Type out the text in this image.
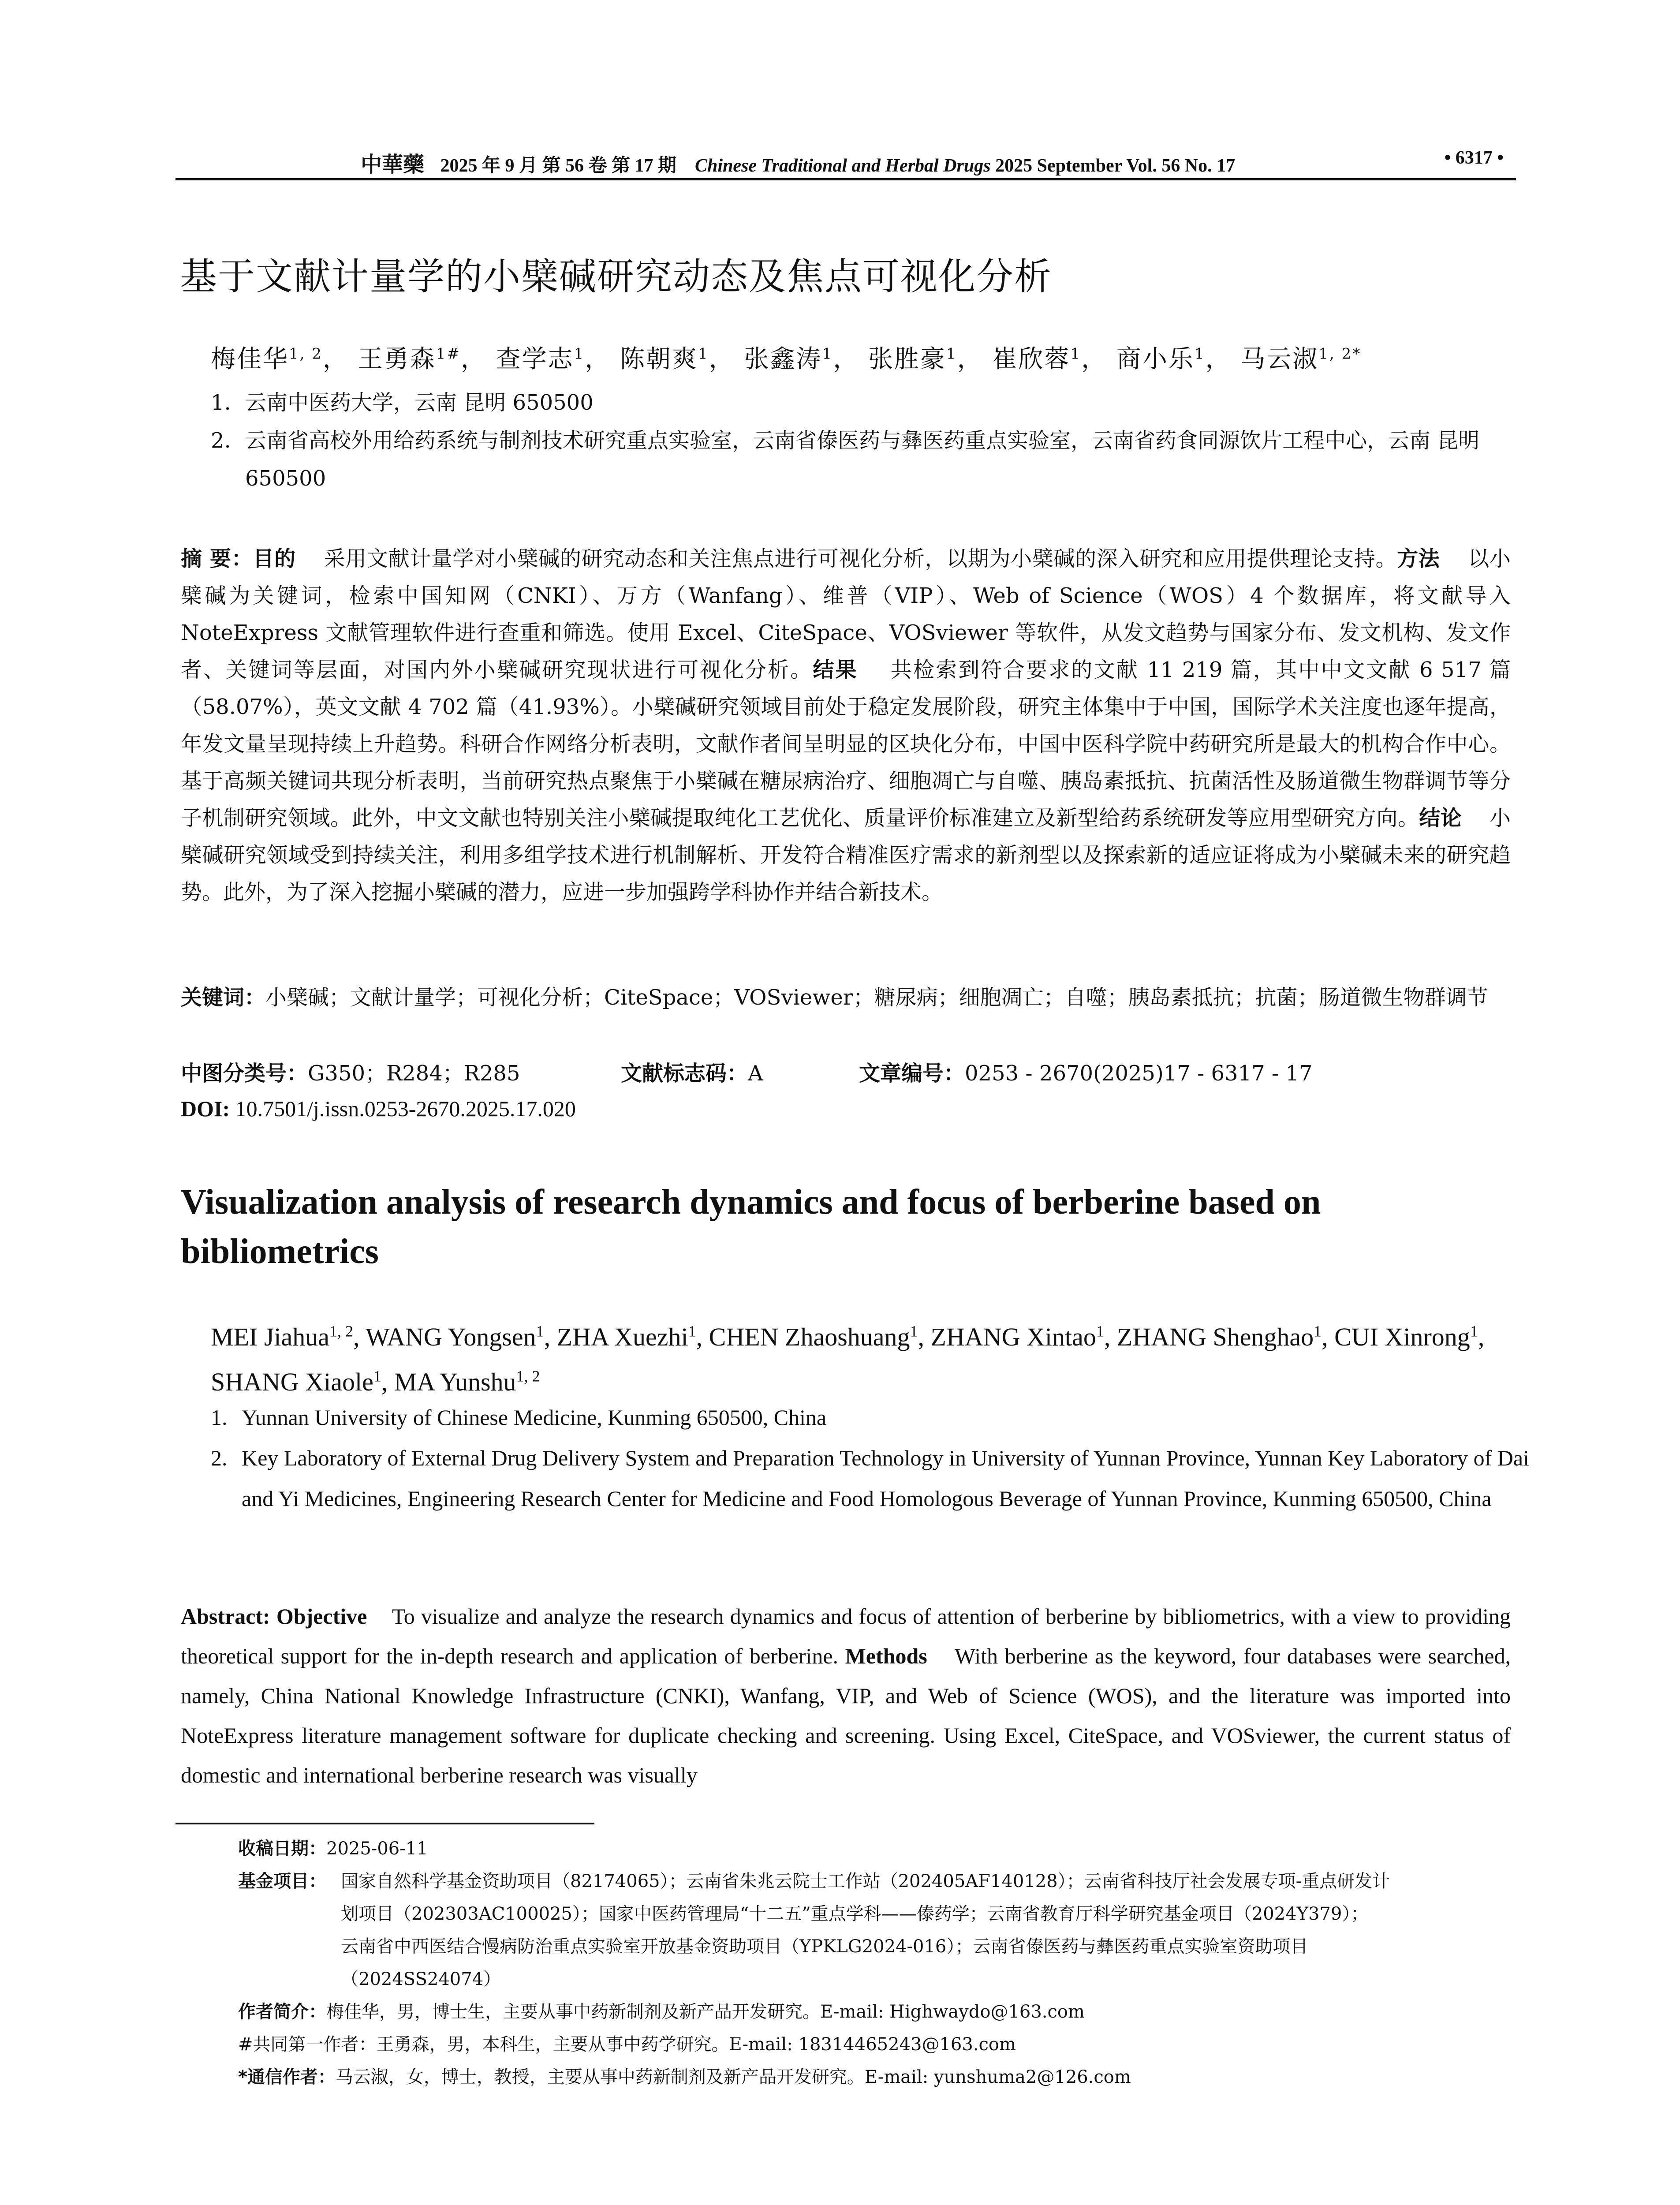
中華藥 2025 年 9 月 第 56 卷 第 17 期 Chinese Traditional and Herbal Drugs 2025 September Vol. 56 No. 17	• 6317 •
基于文献计量学的小檗碱研究动态及焦点可视化分析
梅佳华$^{1, 2}$， 王勇森$^{1\#}$， 查学志$^1$， 陈朝爽$^1$， 张鑫涛$^1$， 张胜豪$^1$， 崔欣蓉$^1$， 商小乐$^1$， 马云淑$^{1, 2*}$
1. 云南中医药大学，云南 昆明 650500
2. 云南省高校外用给药系统与制剂技术研究重点实验室，云南省傣医药与彝医药重点实验室，云南省药食同源饮片工程中心，云南 昆明 650500
摘 要：目的 采用文献计量学对小檗碱的研究动态和关注焦点进行可视化分析，以期为小檗碱的深入研究和应用提供理论支持。方法 以小檗碱为关键词，检索中国知网（CNKI）、万方（Wanfang）、维普（VIP）、Web of Science（WOS）4 个数据库，将文献导入 NoteExpress 文献管理软件进行查重和筛选。使用 Excel、CiteSpace、VOSviewer 等软件，从发文趋势与国家分布、发文机构、发文作者、关键词等层面，对国内外小檗碱研究现状进行可视化分析。结果 共检索到符合要求的文献 11 219 篇，其中中文文献 6 517 篇（58.07%），英文文献 4 702 篇（41.93%）。小檗碱研究领域目前处于稳定发展阶段，研究主体集中于中国，国际学术关注度也逐年提高，年发文量呈现持续上升趋势。科研合作网络分析表明，文献作者间呈明显的区块化分布，中国中医科学院中药研究所是最大的机构合作中心。基于高频关键词共现分析表明，当前研究热点聚焦于小檗碱在糖尿病治疗、细胞凋亡与自噬、胰岛素抵抗、抗菌活性及肠道微生物群调节等分子机制研究领域。此外，中文文献也特别关注小檗碱提取纯化工艺优化、质量评价标准建立及新型给药系统研发等应用型研究方向。结论 小檗碱研究领域受到持续关注，利用多组学技术进行机制解析、开发符合精准医疗需求的新剂型以及探索新的适应证将成为小檗碱未来的研究趋势。此外，为了深入挖掘小檗碱的潜力，应进一步加强跨学科协作并结合新技术。
关键词：小檗碱；文献计量学；可视化分析；CiteSpace；VOSviewer；糖尿病；细胞凋亡；自噬；胰岛素抵抗；抗菌；肠道微生物群调节
中图分类号：G350；R284；R285	文献标志码：A	文章编号：0253 - 2670(2025)17 - 6317 - 17
DOI: 10.7501/j.issn.0253-2670.2025.17.020
Visualization analysis of research dynamics and focus of berberine based on bibliometrics
MEI Jiahua$^{1, 2}$, WANG Yongsen$^1$, ZHA Xuezhi$^1$, CHEN Zhaoshuang$^1$, ZHANG Xintao$^1$, ZHANG Shenghao$^1$, CUI Xinrong$^1$, SHANG Xiaole$^1$, MA Yunshu$^{1, 2}$
1. Yunnan University of Chinese Medicine, Kunming 650500, China
2. Key Laboratory of External Drug Delivery System and Preparation Technology in University of Yunnan Province, Yunnan Key Laboratory of Dai and Yi Medicines, Engineering Research Center for Medicine and Food Homologous Beverage of Yunnan Province, Kunming 650500, China
Abstract: Objective To visualize and analyze the research dynamics and focus of attention of berberine by bibliometrics, with a view to providing theoretical support for the in-depth research and application of berberine. Methods With berberine as the keyword, four databases were searched, namely, China National Knowledge Infrastructure (CNKI), Wanfang, VIP, and Web of Science (WOS), and the literature was imported into NoteExpress literature management software for duplicate checking and screening. Using Excel, CiteSpace, and VOSviewer, the current status of domestic and international berberine research was visually
收稿日期：2025-06-11
基金项目： 国家自然科学基金资助项目（82174065）；云南省朱兆云院士工作站（202405AF140128）；云南省科技厅社会发展专项-重点研发计
划项目（202303AC100025）；国家中医药管理局“十二五”重点学科——傣药学；云南省教育厅科学研究基金项目（2024Y379）；
云南省中西医结合慢病防治重点实验室开放基金资助项目（YPKLG2024-016）；云南省傣医药与彝医药重点实验室资助项目
（2024SS24074）
作者简介：梅佳华，男，博士生，主要从事中药新制剂及新产品开发研究。E-mail: Highwaydo@163.com
#共同第一作者：王勇森，男，本科生，主要从事中药学研究。E-mail: 18314465243@163.com
*通信作者：马云淑，女，博士，教授，主要从事中药新制剂及新产品开发研究。E-mail: yunshuma2@126.com
